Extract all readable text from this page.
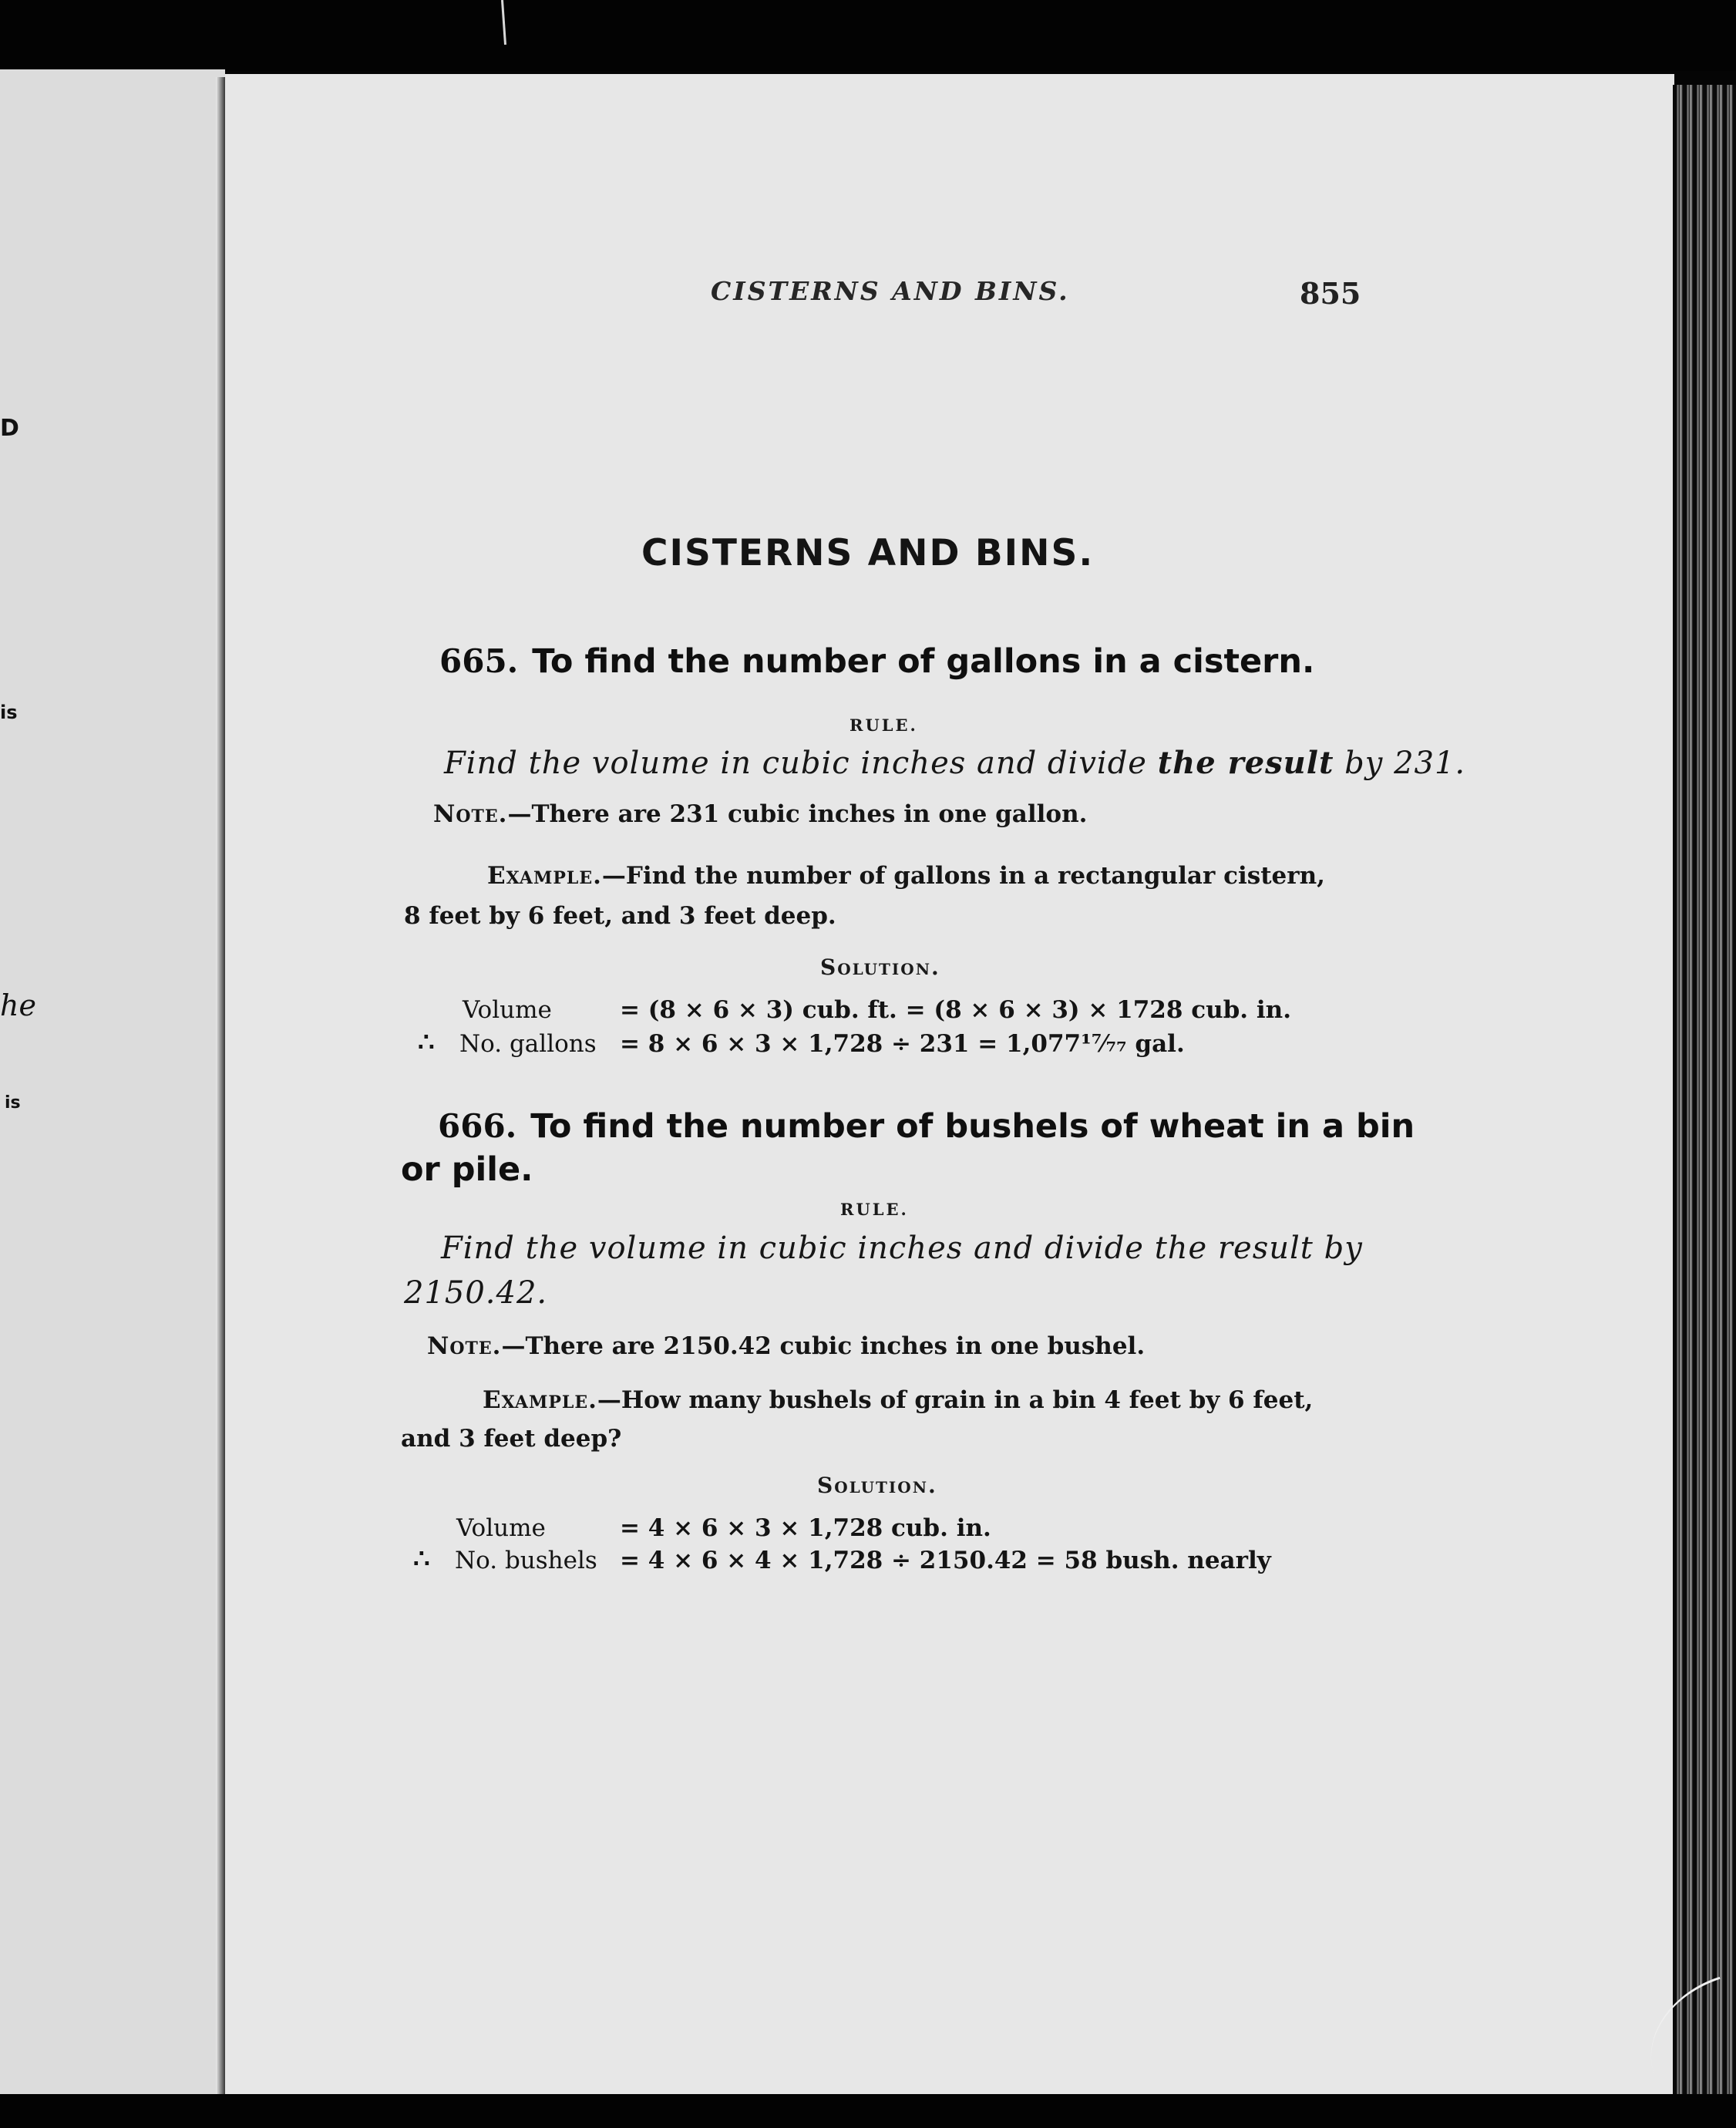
D
is
he
is

CISTERNS AND BINS.	855

CISTERNS AND BINS.
665. To find the number of gallons in a cistern.

RULE.

Find the volume in cubic inches and divide the result by 231.

Note.—There are 231 cubic inches in one gallon.

Example.—Find the number of gallons in a rectangular cistern,

8 feet by 6 feet, and 3 feet deep.

Solution.

Volume	= (8 × 6 × 3) cub. ft. = (8 × 6 × 3) × 1728 cub. in.

∴ No. gallons = 8 × 6 × 3 × 1,728 ÷ 231 = 1,077¹⁷⁄₇₇ gal.

666. To find the number of bushels of wheat in a bin

or pile.

RULE.

Find the volume in cubic inches and divide the result by

2150.42.

Note.—There are 2150.42 cubic inches in one bushel.

Example.—How many bushels of grain in a bin 4 feet by 6 feet,

and 3 feet deep?

Solution.

Volume	= 4 × 6 × 3 × 1,728 cub. in.

∴ No. bushels = 4 × 6 × 4 × 1,728 ÷ 2150.42 = 58 bush. nearly
